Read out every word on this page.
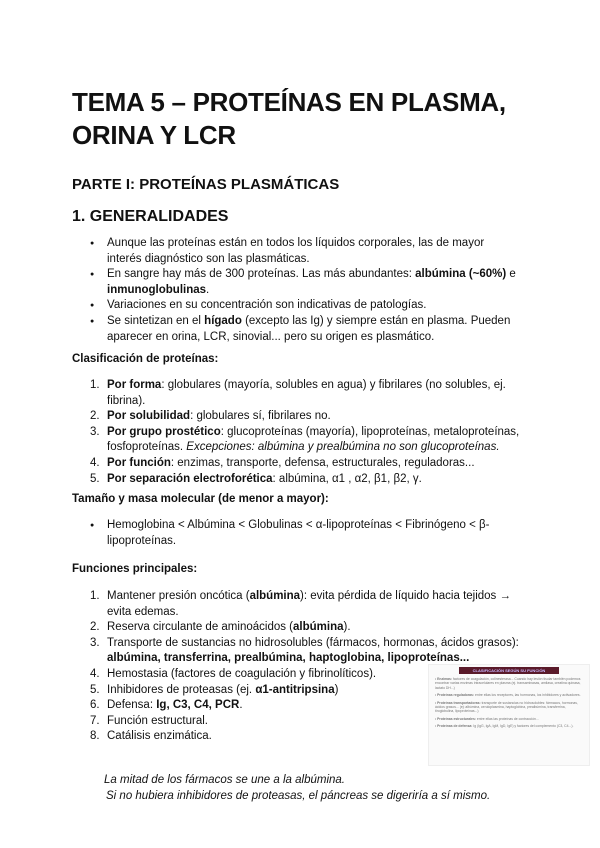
TEMA 5 – PROTEÍNAS EN PLASMA, ORINA Y LCR
PARTE I: PROTEÍNAS PLASMÁTICAS
1. GENERALIDADES
● Aunque las proteínas están en todos los líquidos corporales, las de mayor interés diagnóstico son las plasmáticas.
● En sangre hay más de 300 proteínas. Las más abundantes: albúmina (~60%) e inmunoglobulinas.
● Variaciones en su concentración son indicativas de patologías.
● Se sintetizan en el hígado (excepto las Ig) y siempre están en plasma. Pueden aparecer en orina, LCR, sinovial... pero su origen es plasmático.

Clasificación de proteínas:

1. Por forma: globulares (mayoría, solubles en agua) y fibrilares (no solubles, ej. fibrina).
2. Por solubilidad: globulares sí, fibrilares no.
3. Por grupo prostético: glucoproteínas (mayoría), lipoproteínas, metaloproteínas, fosfoproteínas. Excepciones: albúmina y prealbúmina no son glucoproteínas.
4. Por función: enzimas, transporte, defensa, estructurales, reguladoras...
5. Por separación electroforética: albúmina, α1 , α2, β1, β2, γ.

Tamaño y masa molecular (de menor a mayor):

● Hemoglobina < Albúmina < Globulinas < α-lipoproteínas < Fibrinógeno < β-lipoproteínas.

Funciones principales:

1. Mantener presión oncótica (albúmina): evita pérdida de líquido hacia tejidos → evita edemas.
2. Reserva circulante de aminoácidos (albúmina).
3. Transporte de sustancias no hidrosolubles (fármacos, hormonas, ácidos grasos): albúmina, transferrina, prealbúmina, haptoglobina, lipoproteínas...
4. Hemostasia (factores de coagulación y fibrinolíticos).
5. Inhibidores de proteasas (ej. α1-antitripsina)
6. Defensa: Ig, C3, C4, PCR.
7. Función estructural.
8. Catálisis enzimática.
La mitad de los fármacos se une a la albúmina.
Si no hubiera inhibidores de proteasas, el páncreas se digeriría a sí mismo.
CLASIFICACIÓN SEGÚN SU FUNCIÓN

• Enzimas: factores de coagulación, colinesterasa... Cuando hay lesión tisular también podemos encontrar varias enzimas intracelulares en plasma (ej. transaminasas, amilasa, creatina quinasa, lactato DH...)

• Proteínas reguladoras: entre ellas los receptores, las hormonas, los inhibidores y activadores.

• Proteínas transportadoras: transporte de sustancias no hidrosolubles: fármacos, hormonas, ácidos grasos... (ej: albúmina, ceruloplasmina, haptoglobina, prealbúmina, transferrina, tiroglobulina, lipoproteínas...)

• Proteínas estructurales: entre ellas las proteínas de contracción...

• Proteínas de defensa: Ig (IgG, IgA, IgM, IgD, IgE) y factores del complemento (C3, C4...).
